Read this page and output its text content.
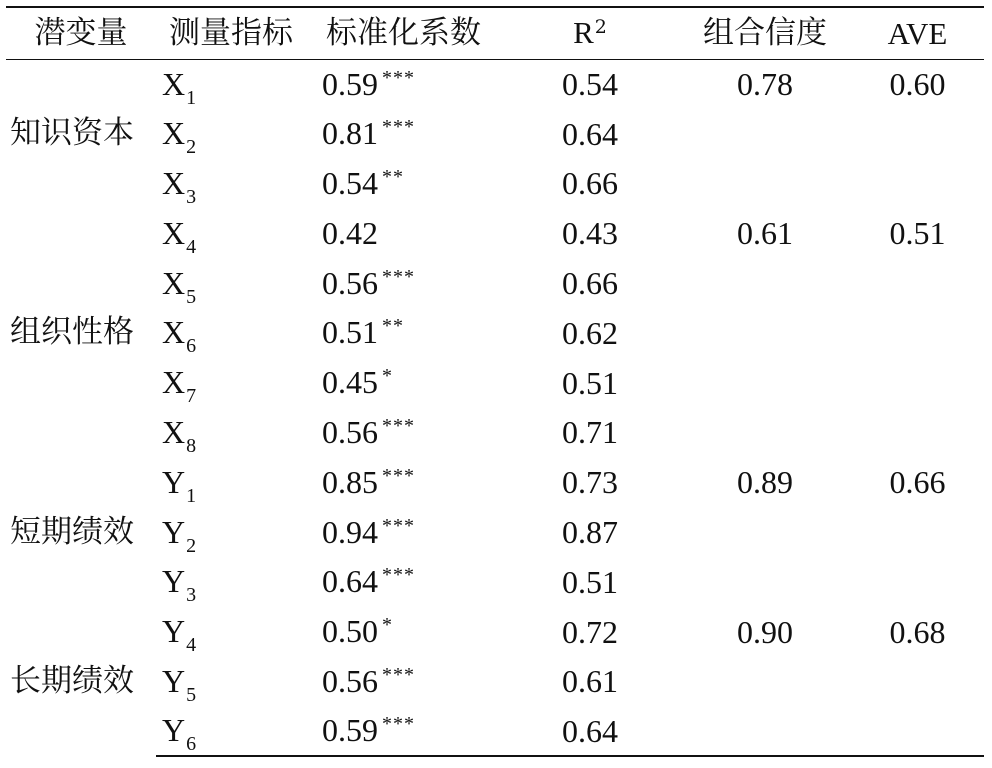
潜变量	测量指标	标准化系数	$R^2$	组合信度	AVE
知识资本	$X_1$	0.59 ***	0.54	0.78	0.60
	$X_2$	0.81 ***	0.64		
	$X_3$	0.54 **	0.66		
组织性格	$X_4$	0.42	0.43	0.61	0.51
	$X_5$	0.56 ***	0.66		
	$X_6$	0.51 **	0.62		
	$X_7$	0.45 *	0.51		
	$X_8$	0.56 ***	0.71		
短期绩效	$Y_1$	0.85 ***	0.73	0.89	0.66
	$Y_2$	0.94 ***	0.87		
	$Y_3$	0.64 ***	0.51		
长期绩效	$Y_4$	0.50 *	0.72	0.90	0.68
	$Y_5$	0.56 ***	0.61		
	$Y_6$	0.59 ***	0.64		
